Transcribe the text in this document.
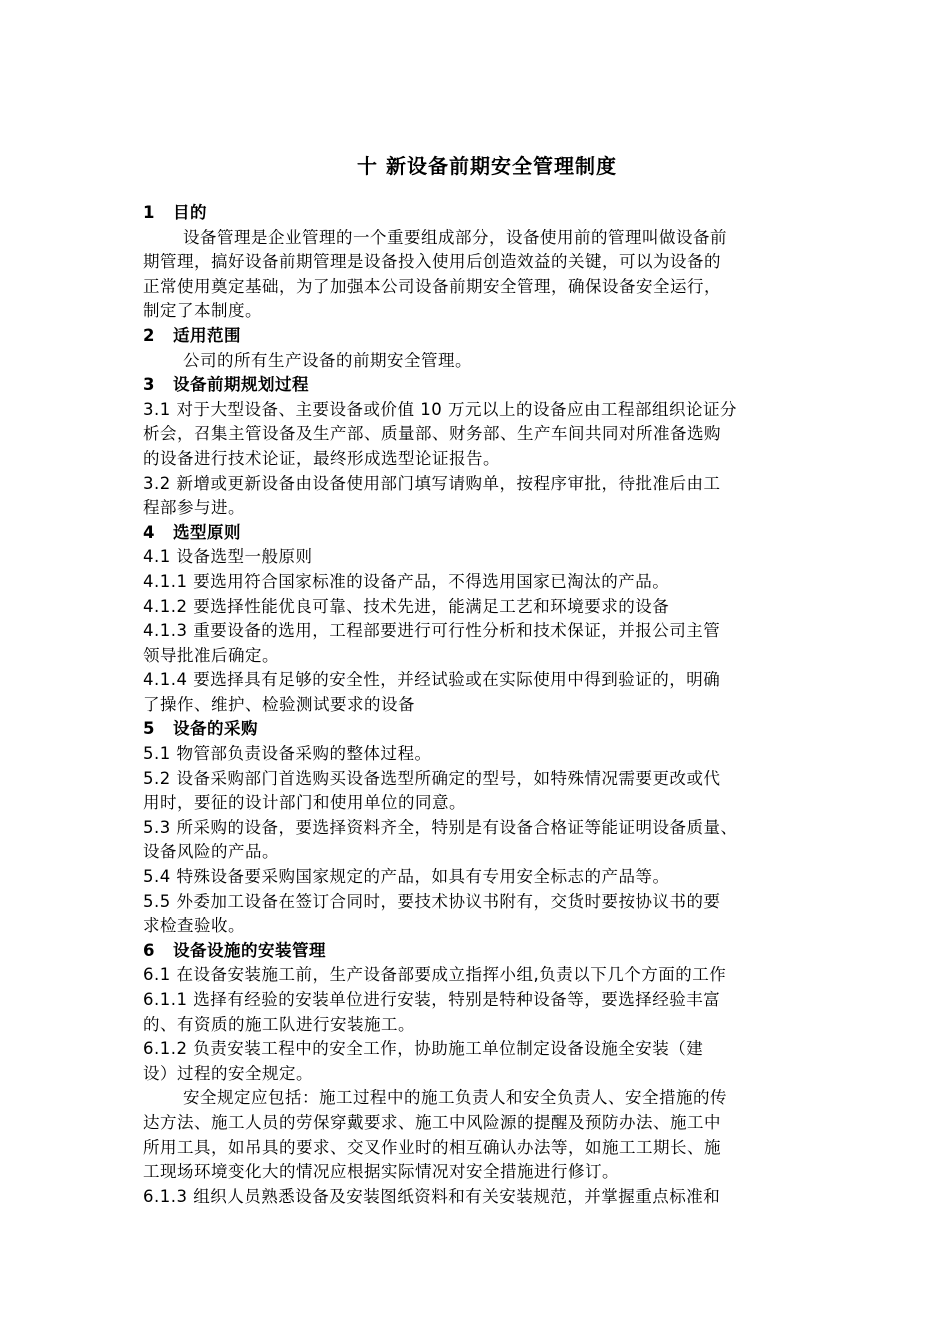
十 新设备前期安全管理制度
1 目的
设备管理是企业管理的一个重要组成部分，设备使用前的管理叫做设备前
期管理，搞好设备前期管理是设备投入使用后创造效益的关键，可以为设备的
正常使用奠定基础，为了加强本公司设备前期安全管理，确保设备安全运行，
制定了本制度。
2 适用范围
公司的所有生产设备的前期安全管理。
3 设备前期规划过程
3.1 对于大型设备、主要设备或价值 10 万元以上的设备应由工程部组织论证分
析会，召集主管设备及生产部、质量部、财务部、生产车间共同对所准备选购
的设备进行技术论证，最终形成选型论证报告。
3.2 新增或更新设备由设备使用部门填写请购单，按程序审批，待批准后由工
程部参与进。
4 选型原则
4.1 设备选型一般原则
4.1.1 要选用符合国家标准的设备产品，不得选用国家已淘汰的产品。
4.1.2 要选择性能优良可靠、技术先进，能满足工艺和环境要求的设备
4.1.3 重要设备的选用，工程部要进行可行性分析和技术保证，并报公司主管
领导批准后确定。
4.1.4 要选择具有足够的安全性，并经试验或在实际使用中得到验证的，明确
了操作、维护、检验测试要求的设备
5 设备的采购
5.1 物管部负责设备采购的整体过程。
5.2 设备采购部门首选购买设备选型所确定的型号，如特殊情况需要更改或代
用时，要征的设计部门和使用单位的同意。
5.3 所采购的设备，要选择资料齐全，特别是有设备合格证等能证明设备质量、
设备风险的产品。
5.4 特殊设备要采购国家规定的产品，如具有专用安全标志的产品等。
5.5 外委加工设备在签订合同时，要技术协议书附有，交货时要按协议书的要
求检查验收。
6 设备设施的安装管理
6.1 在设备安装施工前，生产设备部要成立指挥小组,负责以下几个方面的工作
6.1.1 选择有经验的安装单位进行安装，特别是特种设备等，要选择经验丰富
的、有资质的施工队进行安装施工。
6.1.2 负责安装工程中的安全工作，协助施工单位制定设备设施全安装（建
设）过程的安全规定。
安全规定应包括：施工过程中的施工负责人和安全负责人、安全措施的传
达方法、施工人员的劳保穿戴要求、施工中风险源的提醒及预防办法、施工中
所用工具，如吊具的要求、交叉作业时的相互确认办法等，如施工工期长、施
工现场环境变化大的情况应根据实际情况对安全措施进行修订。
6.1.3 组织人员熟悉设备及安装图纸资料和有关安装规范，并掌握重点标准和
